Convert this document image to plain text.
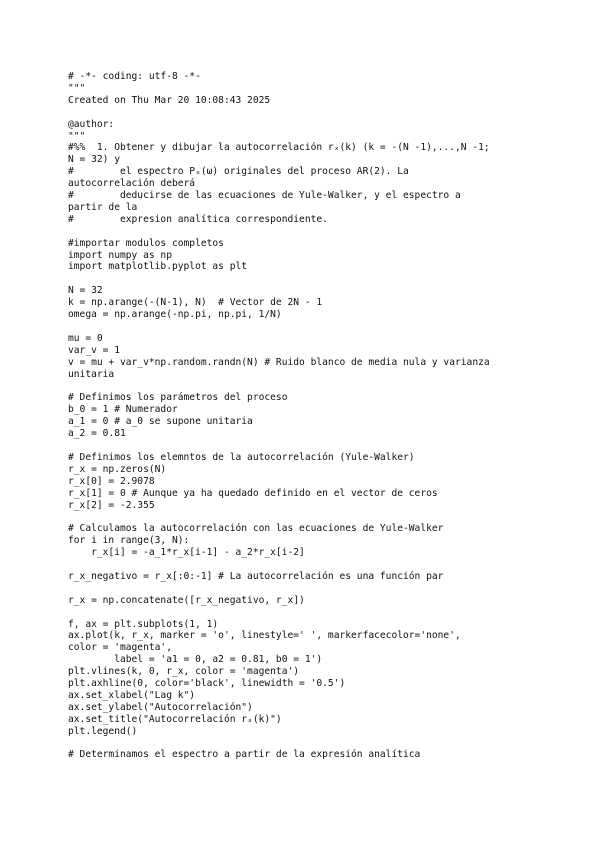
# -*- coding: utf-8 -*-
"""
Created on Thu Mar 20 10:08:43 2025
@author:
"""
#%%  1. Obtener y dibujar la autocorrelación rₓ(k) (k = -(N -1),...,N -1;
N = 32) y
#        el espectro Pₓ(ω) originales del proceso AR(2). La
autocorrelación deberá
#        deducirse de las ecuaciones de Yule-Walker, y el espectro a
partir de la
#        expresion analítica correspondiente.
#importar modulos completos
import numpy as np
import matplotlib.pyplot as plt
N = 32
k = np.arange(-(N-1), N)  # Vector de 2N - 1
omega = np.arange(-np.pi, np.pi, 1/N)
mu = 0
var_v = 1
v = mu + var_v*np.random.randn(N) # Ruido blanco de media nula y varianza
unitaria
# Definimos los parámetros del proceso
b_0 = 1 # Numerador
a_1 = 0 # a_0 se supone unitaria
a_2 = 0.81
# Definimos los elemntos de la autocorrelación (Yule-Walker)
r_x = np.zeros(N)
r_x[0] = 2.9078
r_x[1] = 0 # Aunque ya ha quedado definido en el vector de ceros
r_x[2] = -2.355
# Calculamos la autocorrelación con las ecuaciones de Yule-Walker
for i in range(3, N):
r_x[i] = -a_1*r_x[i-1] - a_2*r_x[i-2]
r_x_negativo = r_x[:0:-1] # La autocorrelación es una función par
r_x = np.concatenate([r_x_negativo, r_x])
f, ax = plt.subplots(1, 1)
ax.plot(k, r_x, marker = 'o', linestyle=' ', markerfacecolor='none',
color = 'magenta',
label = 'a1 = 0, a2 = 0.81, b0 = 1')
plt.vlines(k, 0, r_x, color = 'magenta')
plt.axhline(0, color='black', linewidth = '0.5')
ax.set_xlabel("Lag k")
ax.set_ylabel("Autocorrelación")
ax.set_title("Autocorrelación rₓ(k)")
plt.legend()
# Determinamos el espectro a partir de la expresión analítica
